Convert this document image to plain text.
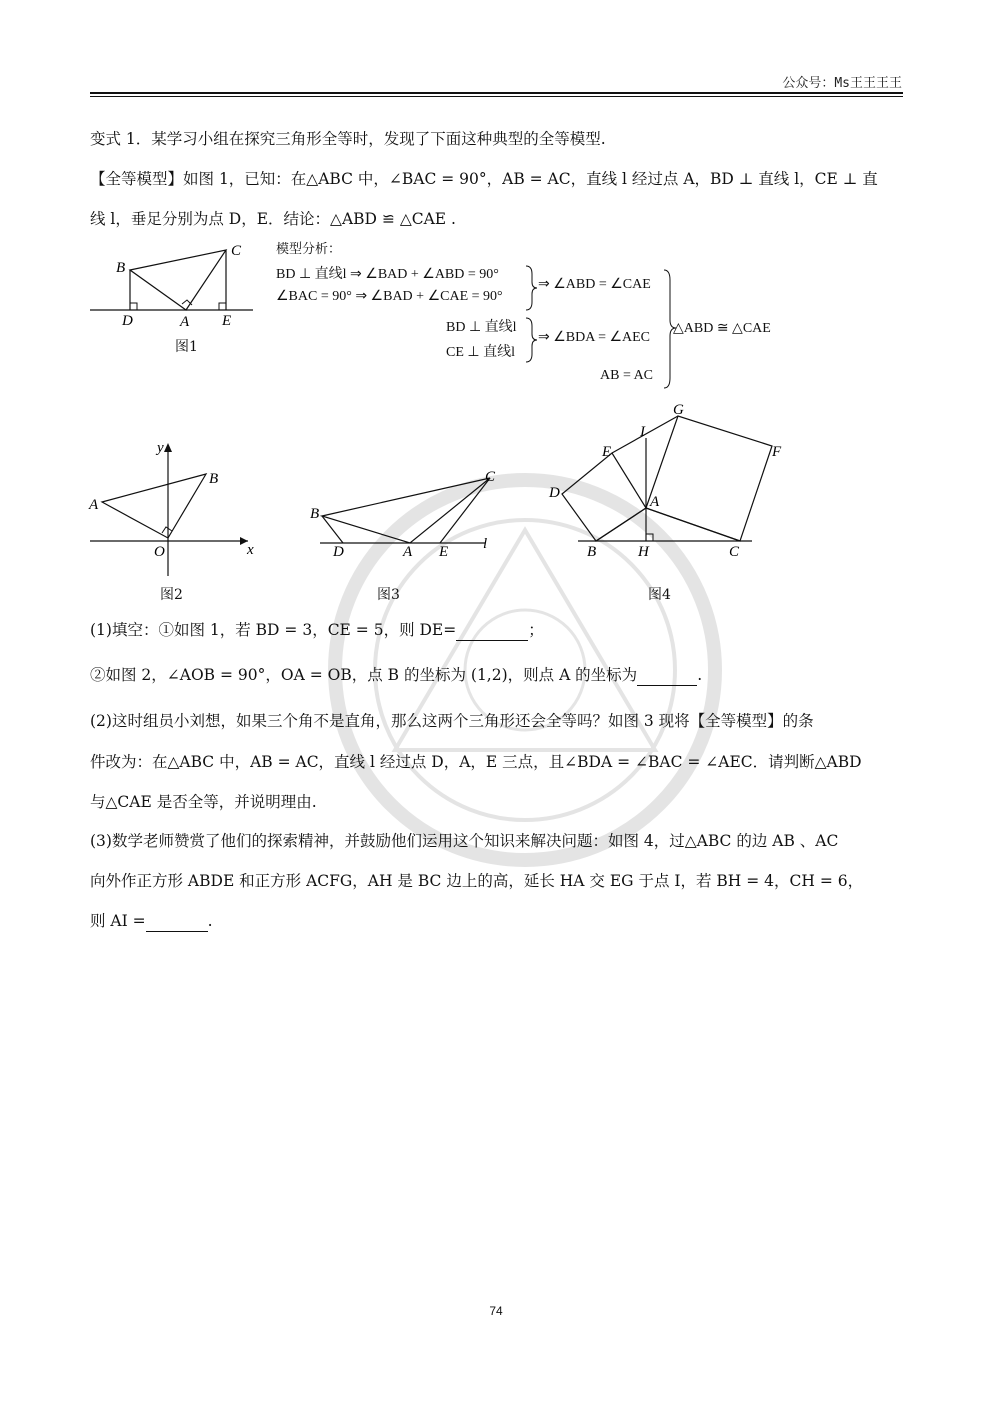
公众号：Ms王王王王
变式 1．某学习小组在探究三角形全等时，发现了下面这种典型的全等模型.
【全等模型】如图 1，已知：在△ABC 中，∠BAC = 90°，AB = AC，直线 l 经过点 A，BD ⊥ 直线 l，CE ⊥ 直
线 l，垂足分别为点 D，E．结论：△ABD ≌ △CAE .
B
C
D	A E
图1
模型分析：
BD ⊥ 直线l ⇒ ∠BAD + ∠ABD = 90°
∠BAC = 90° ⇒ ∠BAD + ∠CAE = 90°
⇒ ∠ABD = ∠CAE
BD ⊥ 直线l
CE ⊥ 直线l
⇒ ∠BDA = ∠AEC
AB = AC
△ABD ≅ △CAE
y
x
A
B
O
图2
B
C
D	A E l
图3
G
I
E	F
D
A
B	H	C
图4
(1)填空：①如图 1，若 BD = 3，CE = 5，则 DE=	；
②如图 2，∠AOB = 90°，OA = OB，点 B 的坐标为 (1,2)，则点 A 的坐标为	.
(2)这时组员小刘想，如果三个角不是直角，那么这两个三角形还会全等吗？如图 3 现将【全等模型】的条
件改为：在△ABC 中，AB = AC，直线 l 经过点 D，A，E 三点，且∠BDA = ∠BAC = ∠AEC．请判断△ABD
与△CAE 是否全等，并说明理由.
(3)数学老师赞赏了他们的探索精神，并鼓励他们运用这个知识来解决问题：如图 4，过△ABC 的边 AB 、AC
向外作正方形 ABDE 和正方形 ACFG，AH 是 BC 边上的高，延长 HA 交 EG 于点 I，若 BH = 4，CH = 6，
则 AI =	.
74
